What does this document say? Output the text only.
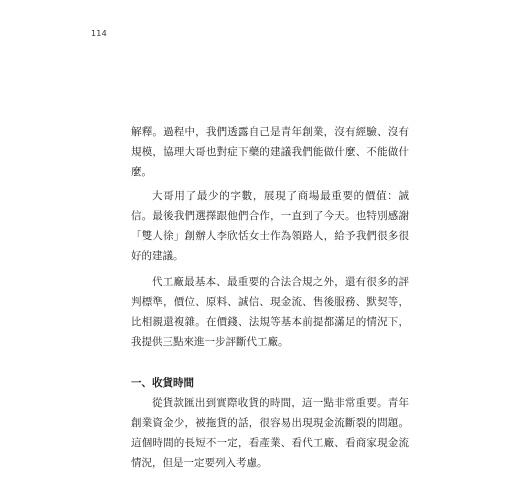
114

解釋。過程中，我們透露自己是青年創業，沒有經驗、沒有規模，協理大哥也對症下藥的建議我們能做什麼、不能做什麼。

大哥用了最少的字數，展現了商場最重要的價值：誠信。最後我們選擇跟他們合作，一直到了今天。也特別感謝「雙人徐」創辦人李欣恬女士作為領路人，給予我們很多很好的建議。

代工廠最基本、最重要的合法合規之外，還有很多的評判標準，價位、原料、誠信、現金流、售後服務、默契等，比相親還複雜。在價錢、法規等基本前提都滿足的情況下，我提供三點來進一步評斷代工廠。

一、收貨時間

從貨款匯出到實際收貨的時間，這一點非常重要。青年創業資金少，被拖貨的話，很容易出現現金流斷裂的問題。這個時間的長短不一定，看產業、看代工廠、看商家現金流情況，但是一定要列入考慮。
